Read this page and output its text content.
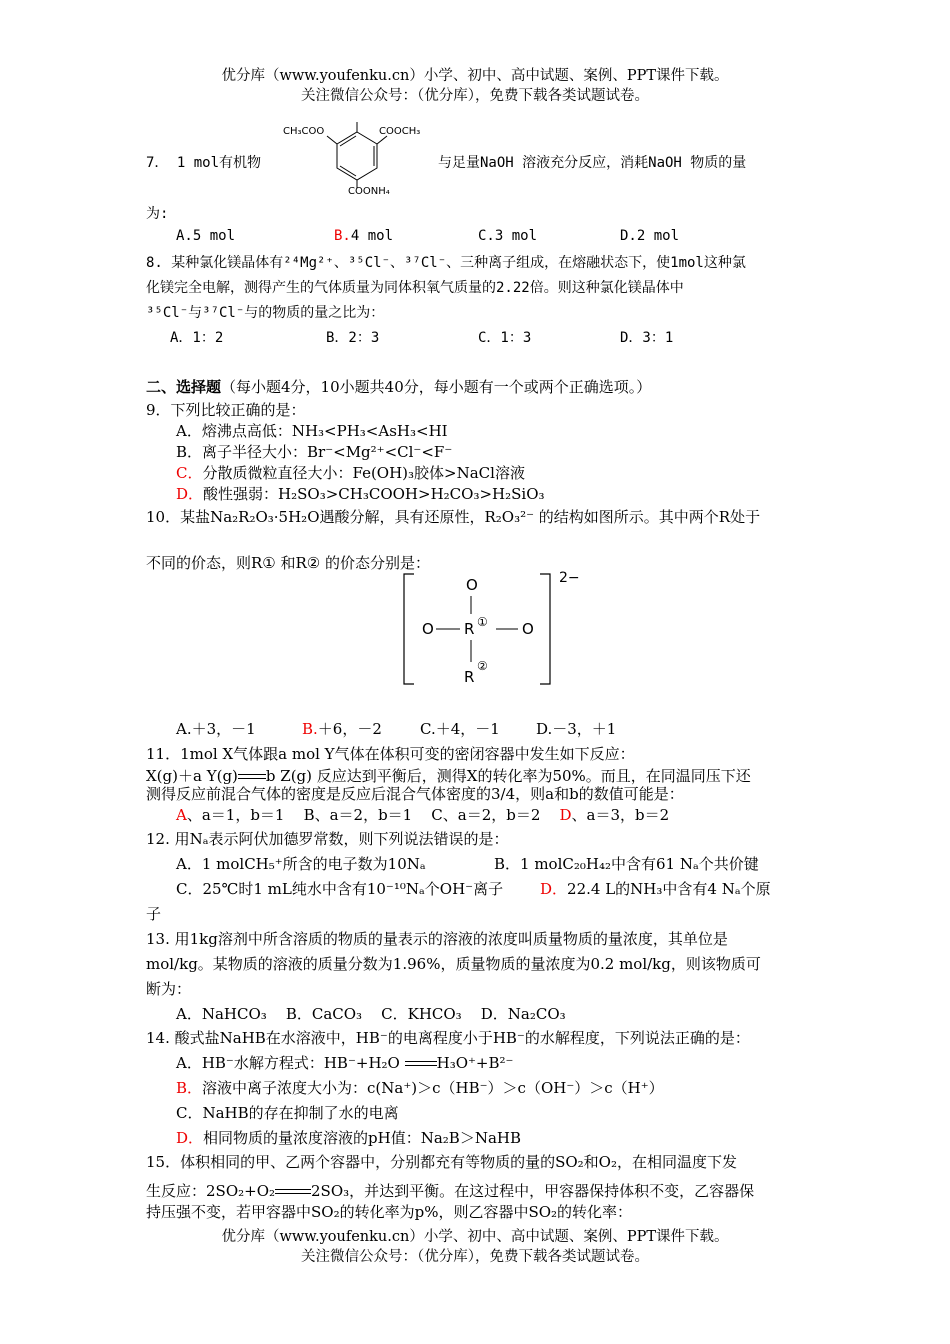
优分库（www.youfenku.cn）小学、初中、高中试题、案例、PPT课件下载。
关注微信公众号：（优分库），免费下载各类试题试卷。
CH₃COO	COOCH₃
COONH₄
7． 1 mol有机物	与足量NaOH 溶液充分反应，消耗NaOH 物质的量
为:
A.5 mol	B.4 mol	C.3 mol	D.2 mol
8. 某种氯化镁晶体有²⁴Mg²⁺、³⁵Cl⁻、³⁷Cl⁻、三种离子组成，在熔融状态下，使1mol这种氯
化镁完全电解，测得产生的气体质量为同体积氧气质量的2.22倍。则这种氯化镁晶体中
³⁵Cl⁻与³⁷Cl⁻与的物质的量之比为：
A．1：2	B．2：3	C．1：3	D．3：1
二、选择题（每小题4分，10小题共40分，每小题有一个或两个正确选项。）
9．下列比较正确的是：
A．熔沸点高低：NH₃<PH₃<AsH₃<HI
B．离子半径大小：Br⁻<Mg²⁺<Cl⁻<F⁻
C．分散质微粒直径大小：Fe(OH)₃胶体>NaCl溶液
D．酸性强弱：H₂SO₃>CH₃COOH>H₂CO₃>H₂SiO₃
10．某盐Na₂R₂O₃·5H₂O遇酸分解，具有还原性，R₂O₃²⁻ 的结构如图所示。其中两个R处于
不同的价态，则R① 和R② 的价态分别是：
2−
O
O R ① O
R
②
A.＋3，－1	B.＋6，－2	C.＋4，－1 D.－3，＋1
11．1mol X气体跟a mol Y气体在体积可变的密闭容器中发生如下反应：
X(g)＋a Y(g) b Z(g) 反应达到平衡后，测得X的转化率为50%。而且，在同温同压下还
测得反应前混合气体的密度是反应后混合气体密度的3/4，则a和b的数值可能是：
A、a＝1，b＝1 B、a＝2，b＝1 C、a＝2，b＝2 D、a＝3，b＝2
12. 用Nₐ表示阿伏加德罗常数，则下列说法错误的是：
A．1 molCH₅⁺所含的电子数为10Nₐ	B．1 molC₂₀H₄₂中含有61 Nₐ个共价键
C．25℃时1 mL纯水中含有10⁻¹⁰Nₐ个OH⁻离子 D．22.4 L的NH₃中含有4 Nₐ个原
子
13. 用1kg溶剂中所含溶质的物质的量表示的溶液的浓度叫质量物质的量浓度，其单位是
mol/kg。某物质的溶液的质量分数为1.96%，质量物质的量浓度为0.2 mol/kg，则该物质可
断为：
A．NaHCO₃    B．CaCO₃    C．KHCO₃    D．Na₂CO₃
14. 酸式盐NaHB在水溶液中，HB⁻的电离程度小于HB⁻的水解程度，下列说法正确的是：
A．HB⁻水解方程式：HB⁻+H₂O H₃O⁺+B²⁻
B．溶液中离子浓度大小为：c(Na⁺)＞c（HB⁻）＞c（OH⁻）＞c（H⁺）
C．NaHB的存在抑制了水的电离
D．相同物质的量浓度溶液的pH值：Na₂B＞NaHB
15．体积相同的甲、乙两个容器中，分别都充有等物质的量的SO₂和O₂，在相同温度下发
生反应：2SO₂+O₂ 2SO₃，并达到平衡。在这过程中，甲容器保持体积不变，乙容器保
持压强不变，若甲容器中SO₂的转化率为p%，则乙容器中SO₂的转化率：
优分库（www.youfenku.cn）小学、初中、高中试题、案例、PPT课件下载。
关注微信公众号：（优分库），免费下载各类试题试卷。
